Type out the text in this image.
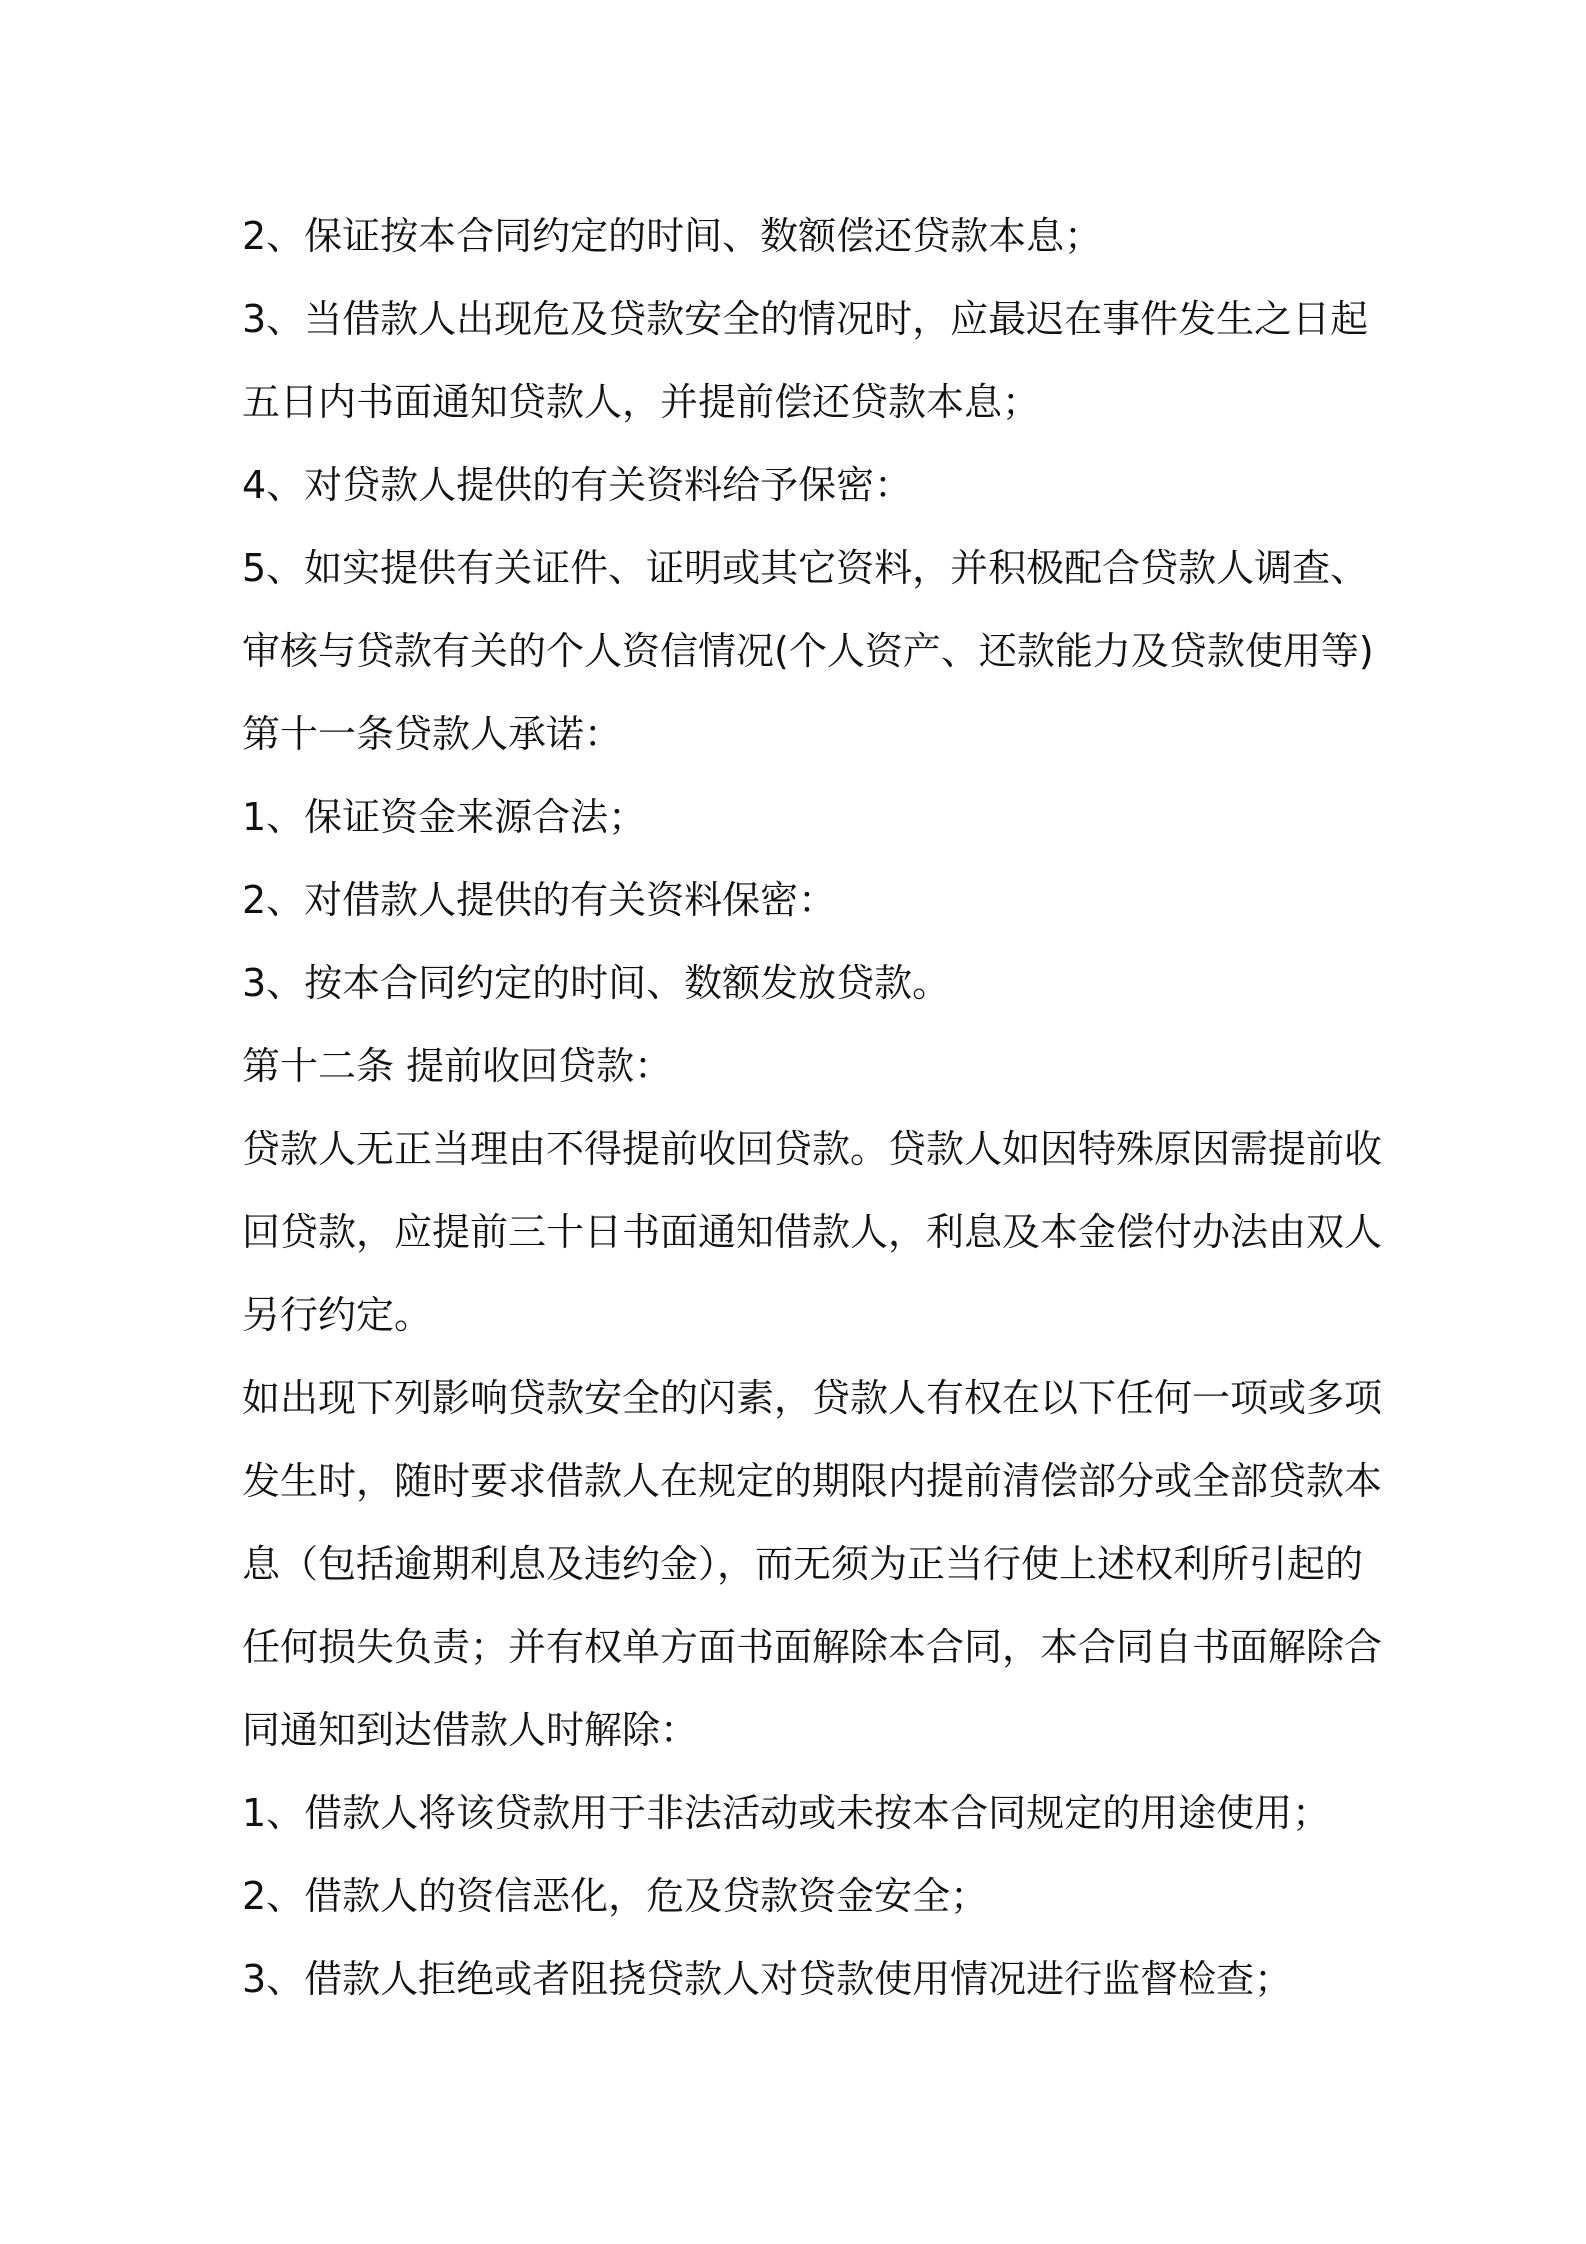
2、保证按本合同约定的时间、数额偿还贷款本息；
3、当借款人出现危及贷款安全的情况时，应最迟在事件发生之日起
五日内书面通知贷款人，并提前偿还贷款本息；
4、对贷款人提供的有关资料给予保密：
5、如实提供有关证件、证明或其它资料，并积极配合贷款人调查、
审核与贷款有关的个人资信情况(个人资产、还款能力及贷款使用等)
第十一条贷款人承诺：
1、保证资金来源合法；
2、对借款人提供的有关资料保密：
3、按本合同约定的时间、数额发放贷款。
第十二条 提前收回贷款：
贷款人无正当理由不得提前收回贷款。贷款人如因特殊原因需提前收
回贷款，应提前三十日书面通知借款人，利息及本金偿付办法由双人
另行约定。
如出现下列影响贷款安全的闪素，贷款人有权在以下任何一项或多项
发生时，随时要求借款人在规定的期限内提前清偿部分或全部贷款本
息（包括逾期利息及违约金），而无须为正当行使上述权利所引起的
任何损失负责；并有权单方面书面解除本合同，本合同自书面解除合
同通知到达借款人时解除：
1、借款人将该贷款用于非法活动或未按本合同规定的用途使用；
2、借款人的资信恶化，危及贷款资金安全；
3、借款人拒绝或者阻挠贷款人对贷款使用情况进行监督检查；
